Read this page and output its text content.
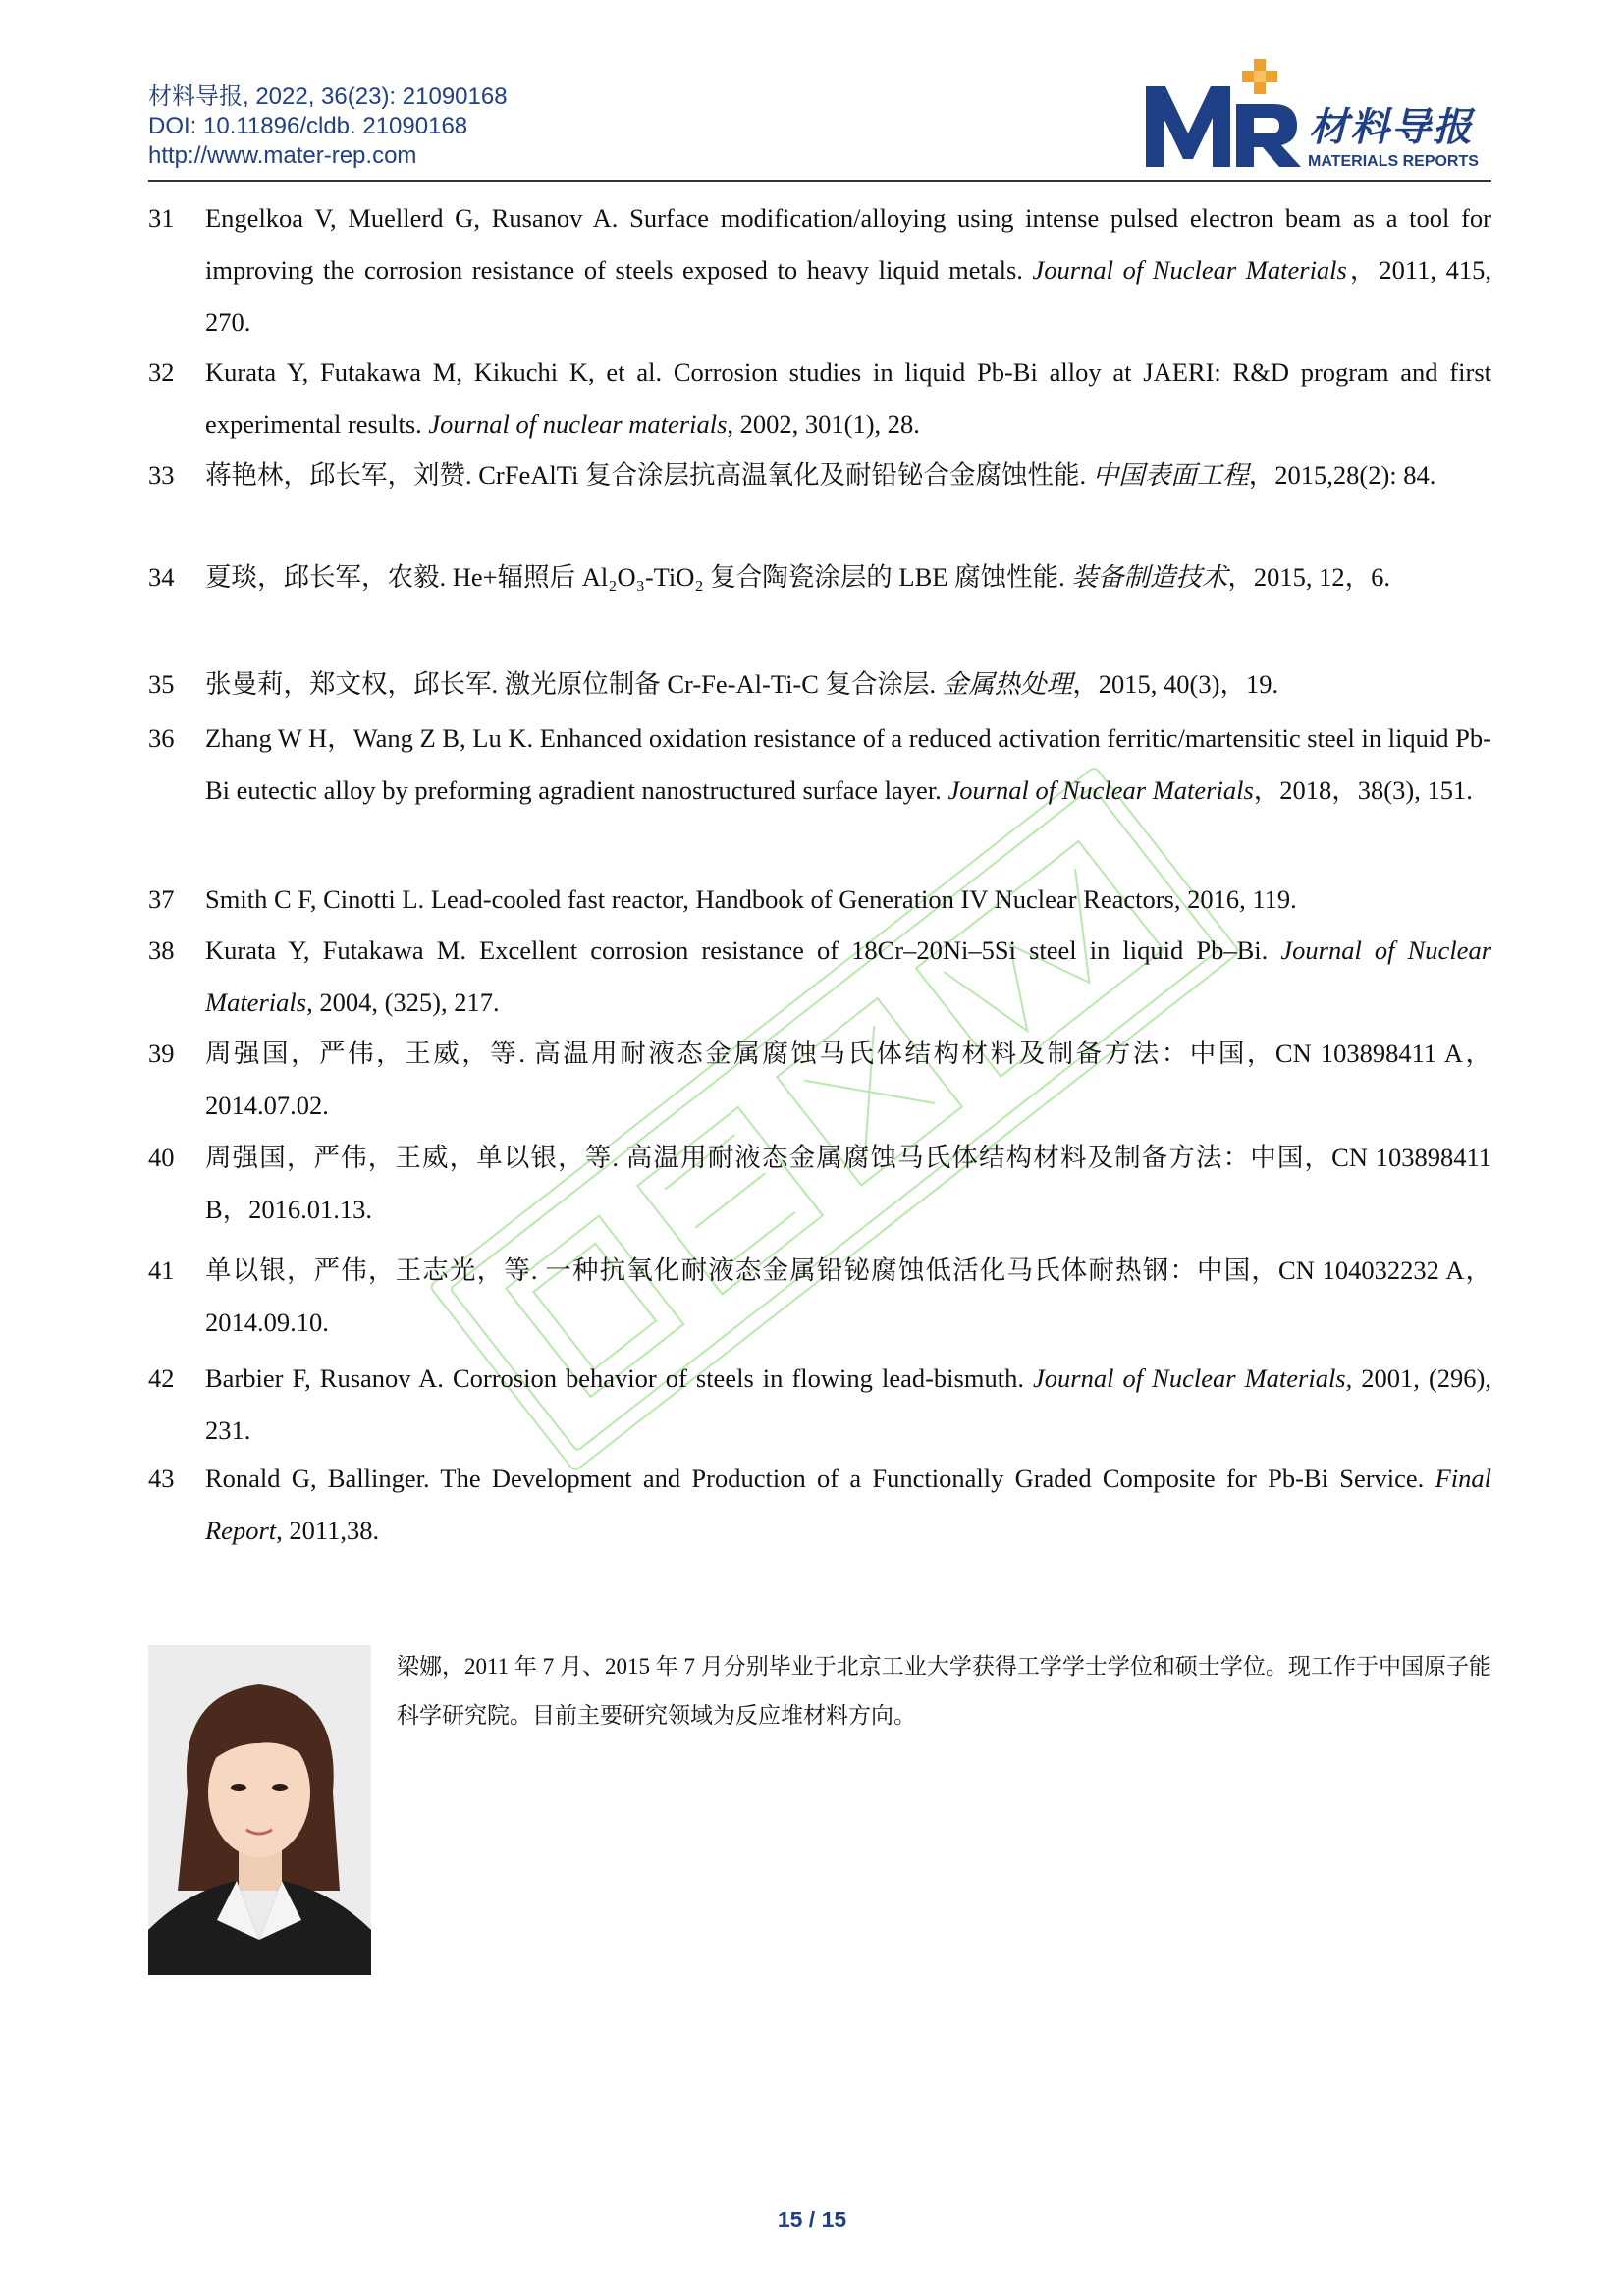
材料导报, 2022, 36(23): 21090168
DOI: 10.11896/cldb. 21090168
http://www.mater-rep.com
材料导报
MATERIALS REPORTS
31	Engelkoa V, Muellerd G, Rusanov A. Surface modification/alloying using intense pulsed electron beam as a tool for improving the corrosion resistance of steels exposed to heavy liquid metals. Journal of Nuclear Materials，2011, 415, 270.
32	Kurata Y, Futakawa M, Kikuchi K, et al. Corrosion studies in liquid Pb-Bi alloy at JAERI: R&D program and first experimental results. Journal of nuclear materials, 2002, 301(1), 28.
33	蒋艳林，邱长军，刘赞. CrFeAlTi 复合涂层抗高温氧化及耐铅铋合金腐蚀性能. 中国表面工程，2015,28(2): 84.
34	夏琰，邱长军，农毅. He+辐照后 Al₂O₃-TiO₂ 复合陶瓷涂层的 LBE 腐蚀性能. 装备制造技术，2015, 12，6.
35	张曼莉，郑文权，邱长军. 激光原位制备 Cr-Fe-Al-Ti-C 复合涂层. 金属热处理，2015, 40(3)，19.
36	Zhang W H，Wang Z B, Lu K. Enhanced oxidation resistance of a reduced activation ferritic/martensitic steel in liquid Pb-Bi eutectic alloy by preforming agradient nanostructured surface layer. Journal of Nuclear Materials，2018，38(3), 151.
37	Smith C F, Cinotti L. Lead-cooled fast reactor, Handbook of Generation IV Nuclear Reactors, 2016, 119.
38	Kurata Y, Futakawa M. Excellent corrosion resistance of 18Cr–20Ni–5Si steel in liquid Pb–Bi. Journal of Nuclear Materials, 2004, (325), 217.
39	周强国，严伟，王威，等. 高温用耐液态金属腐蚀马氏体结构材料及制备方法：中国，CN 103898411 A，2014.07.02.
40	周强国，严伟，王威，单以银，等. 高温用耐液态金属腐蚀马氏体结构材料及制备方法：中国，CN 103898411 B，2016.01.13.
41	单以银，严伟，王志光，等. 一种抗氧化耐液态金属铅铋腐蚀低活化马氏体耐热钢：中国，CN 104032232 A，2014.09.10.
42	Barbier F, Rusanov A. Corrosion behavior of steels in flowing lead-bismuth. Journal of Nuclear Materials, 2001, (296), 231.
43	Ronald G, Ballinger. The Development and Production of a Functionally Graded Composite for Pb-Bi Service. Final Report, 2011,38.
梁娜，2011 年 7 月、2015 年 7 月分别毕业于北京工业大学获得工学学士学位和硕士学位。现工作于中国原子能科学研究院。目前主要研究领域为反应堆材料方向。
15 / 15
